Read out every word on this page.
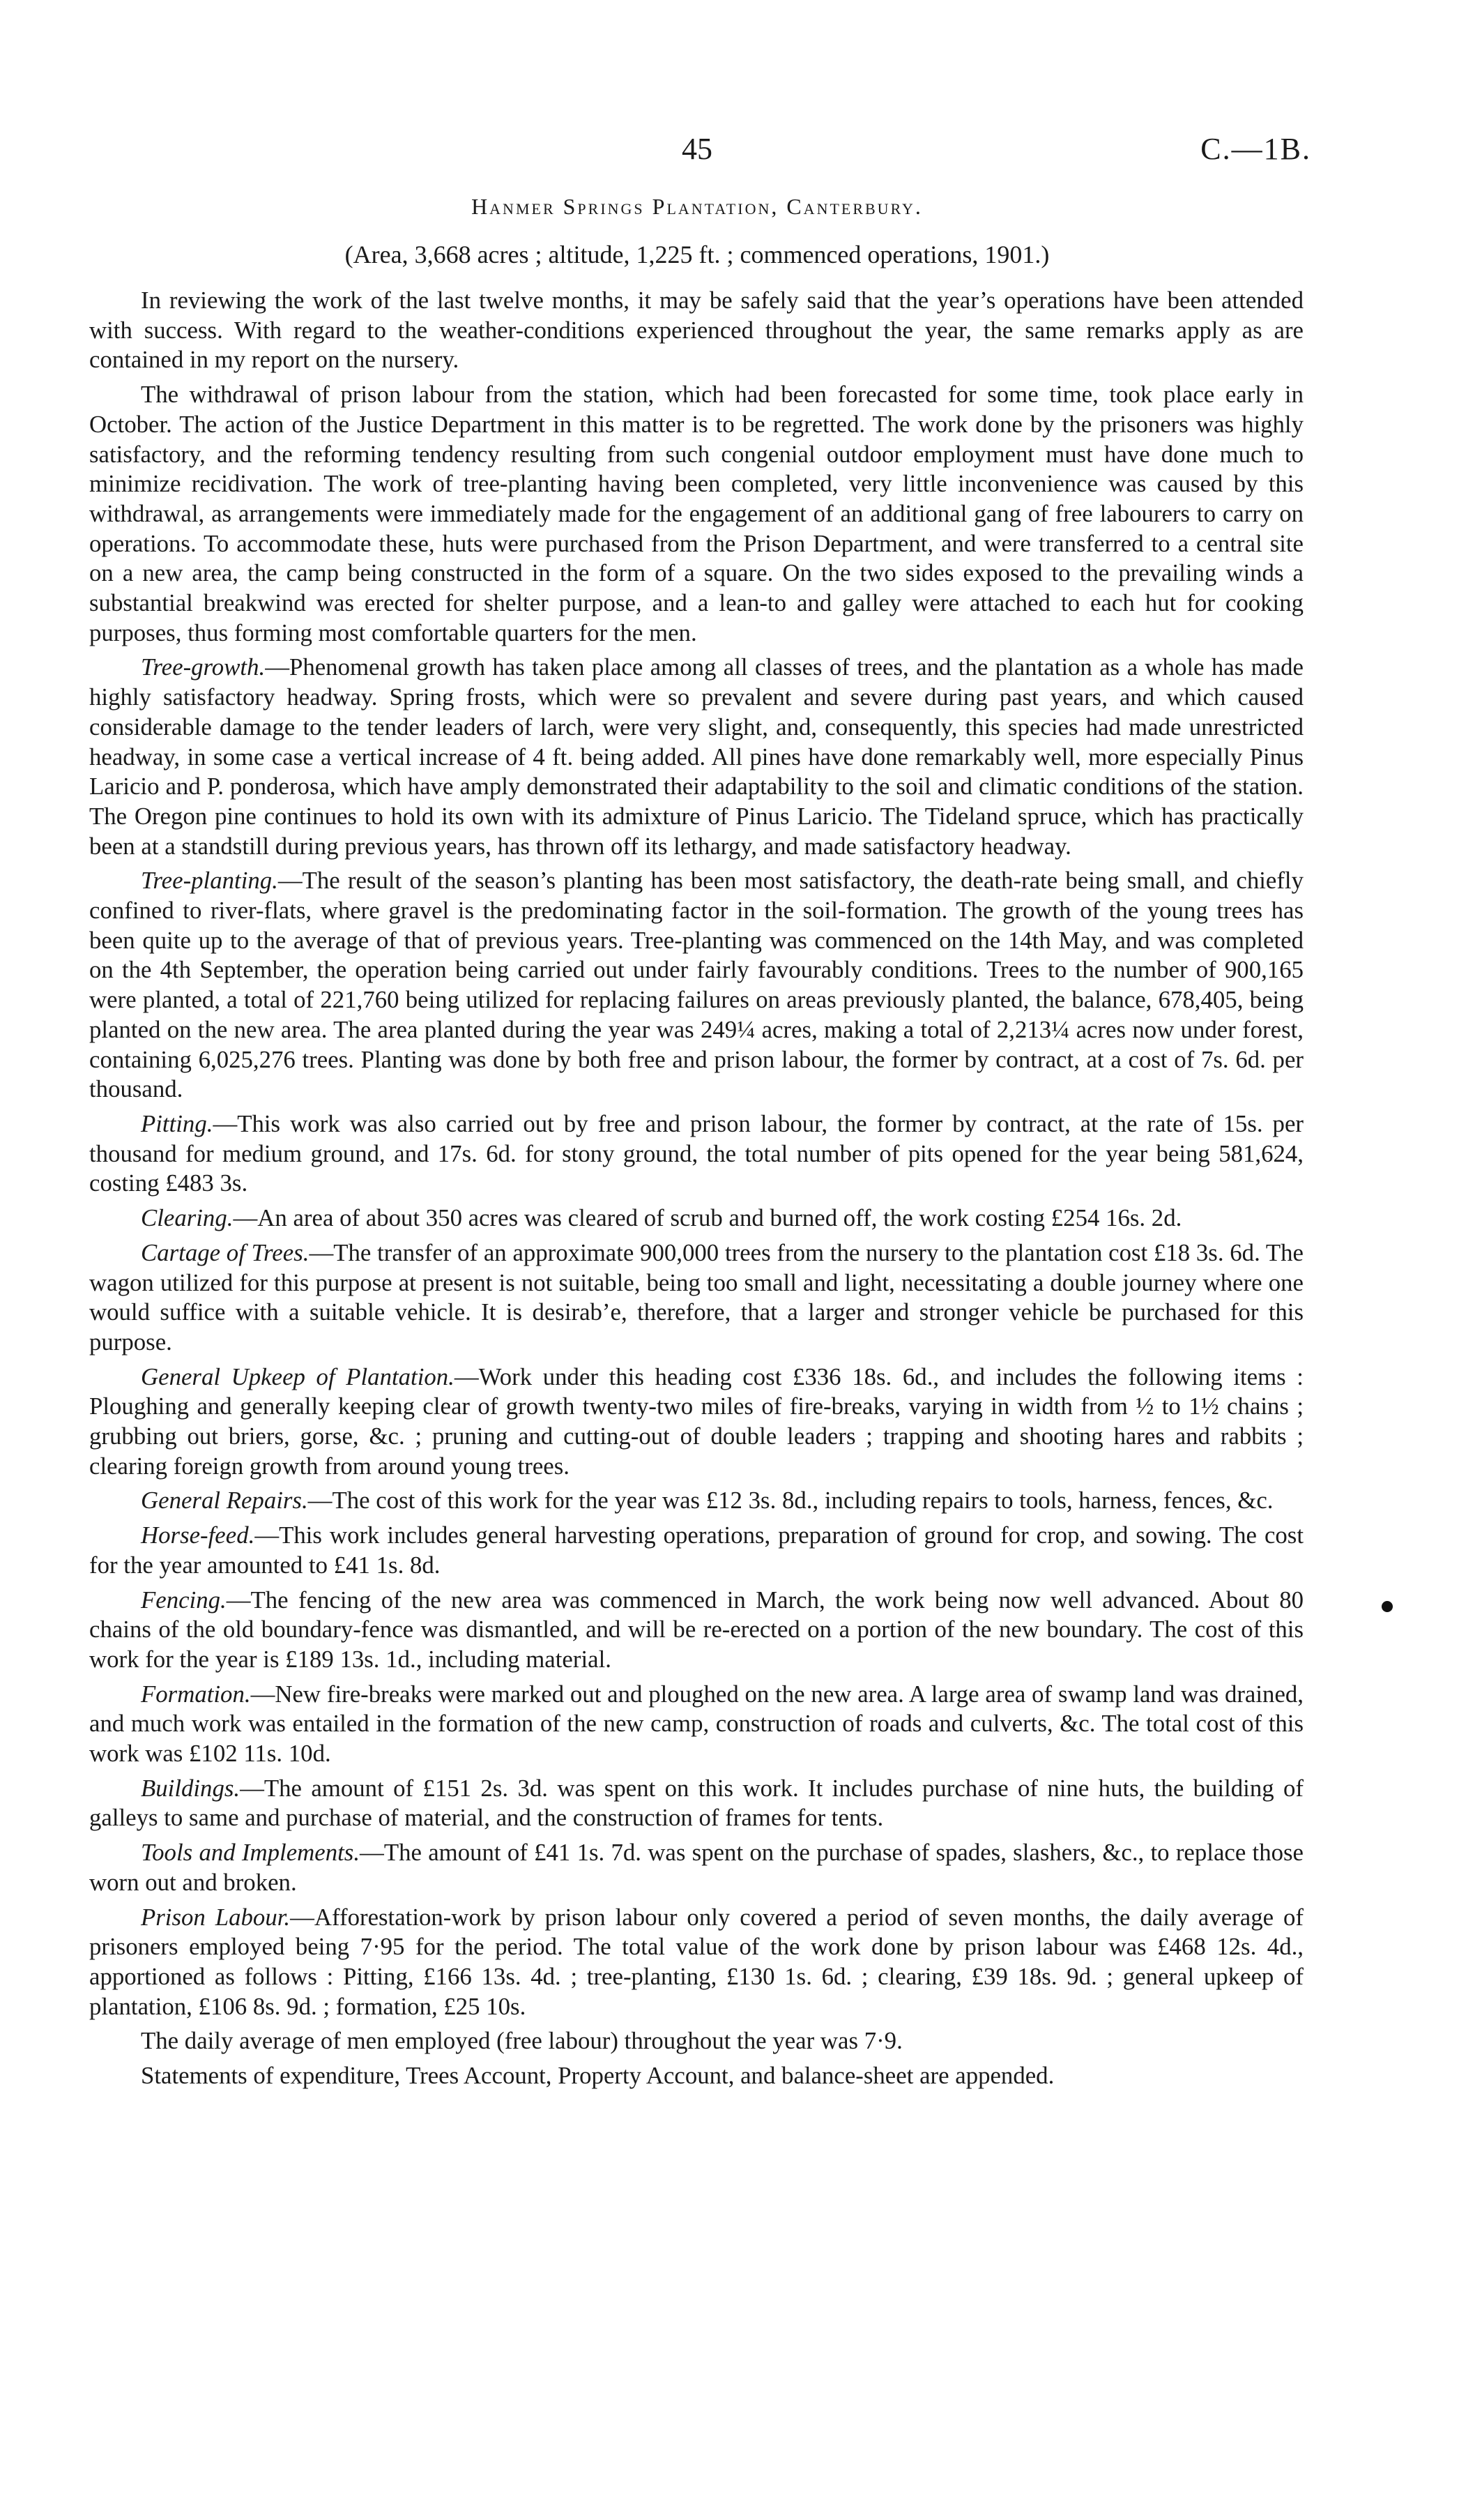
45	C.—1B.
Hanmer Springs Plantation, Canterbury.
(Area, 3,668 acres ; altitude, 1,225 ft. ; commenced operations, 1901.)

In reviewing the work of the last twelve months, it may be safely said that the year’s operations have been attended with success. With regard to the weather-conditions experienced throughout the year, the same remarks apply as are contained in my report on the nursery.

The withdrawal of prison labour from the station, which had been forecasted for some time, took place early in October. The action of the Justice Department in this matter is to be regretted. The work done by the prisoners was highly satisfactory, and the reforming tendency resulting from such congenial outdoor employment must have done much to minimize recidivation. The work of tree-planting having been completed, very little inconvenience was caused by this withdrawal, as arrangements were immediately made for the engagement of an additional gang of free labourers to carry on operations. To accommodate these, huts were purchased from the Prison Department, and were transferred to a central site on a new area, the camp being constructed in the form of a square. On the two sides exposed to the prevailing winds a substantial breakwind was erected for shelter purpose, and a lean-to and galley were attached to each hut for cooking purposes, thus forming most comfortable quarters for the men.

Tree-growth.—Phenomenal growth has taken place among all classes of trees, and the plantation as a whole has made highly satisfactory headway. Spring frosts, which were so prevalent and severe during past years, and which caused considerable damage to the tender leaders of larch, were very slight, and, consequently, this species had made unrestricted headway, in some case a vertical increase of 4 ft. being added. All pines have done remarkably well, more especially Pinus Laricio and P. ponderosa, which have amply demonstrated their adaptability to the soil and climatic conditions of the station. The Oregon pine continues to hold its own with its admixture of Pinus Laricio. The Tideland spruce, which has practically been at a standstill during previous years, has thrown off its lethargy, and made satisfactory headway.

Tree-planting.—The result of the season’s planting has been most satisfactory, the death-rate being small, and chiefly confined to river-flats, where gravel is the predominating factor in the soil-formation. The growth of the young trees has been quite up to the average of that of previous years. Tree-planting was commenced on the 14th May, and was completed on the 4th September, the operation being carried out under fairly favourably conditions. Trees to the number of 900,165 were planted, a total of 221,760 being utilized for replacing failures on areas previously planted, the balance, 678,405, being planted on the new area. The area planted during the year was 249¼ acres, making a total of 2,213¼ acres now under forest, containing 6,025,276 trees. Planting was done by both free and prison labour, the former by contract, at a cost of 7s. 6d. per thousand.

Pitting.—This work was also carried out by free and prison labour, the former by contract, at the rate of 15s. per thousand for medium ground, and 17s. 6d. for stony ground, the total number of pits opened for the year being 581,624, costing £483 3s.

Clearing.—An area of about 350 acres was cleared of scrub and burned off, the work costing £254 16s. 2d.

Cartage of Trees.—The transfer of an approximate 900,000 trees from the nursery to the plantation cost £18 3s. 6d. The wagon utilized for this purpose at present is not suitable, being too small and light, necessitating a double journey where one would suffice with a suitable vehicle. It is desirab’e, therefore, that a larger and stronger vehicle be purchased for this purpose.

General Upkeep of Plantation.—Work under this heading cost £336 18s. 6d., and includes the following items : Ploughing and generally keeping clear of growth twenty-two miles of fire-breaks, varying in width from ½ to 1½ chains ; grubbing out briers, gorse, &c. ; pruning and cutting-out of double leaders ; trapping and shooting hares and rabbits ; clearing foreign growth from around young trees.

General Repairs.—The cost of this work for the year was £12 3s. 8d., including repairs to tools, harness, fences, &c.

Horse-feed.—This work includes general harvesting operations, preparation of ground for crop, and sowing. The cost for the year amounted to £41 1s. 8d.

Fencing.—The fencing of the new area was commenced in March, the work being now well advanced. About 80 chains of the old boundary-fence was dismantled, and will be re-erected on a portion of the new boundary. The cost of this work for the year is £189 13s. 1d., including material.

Formation.—New fire-breaks were marked out and ploughed on the new area. A large area of swamp land was drained, and much work was entailed in the formation of the new camp, construction of roads and culverts, &c. The total cost of this work was £102 11s. 10d.

Buildings.—The amount of £151 2s. 3d. was spent on this work. It includes purchase of nine huts, the building of galleys to same and purchase of material, and the construction of frames for tents.

Tools and Implements.—The amount of £41 1s. 7d. was spent on the purchase of spades, slashers, &c., to replace those worn out and broken.

Prison Labour.—Afforestation-work by prison labour only covered a period of seven months, the daily average of prisoners employed being 7·95 for the period. The total value of the work done by prison labour was £468 12s. 4d., apportioned as follows : Pitting, £166 13s. 4d. ; tree-planting, £130 1s. 6d. ; clearing, £39 18s. 9d. ; general upkeep of plantation, £106 8s. 9d. ; formation, £25 10s.

The daily average of men employed (free labour) throughout the year was 7·9.

Statements of expenditure, Trees Account, Property Account, and balance-sheet are appended.
